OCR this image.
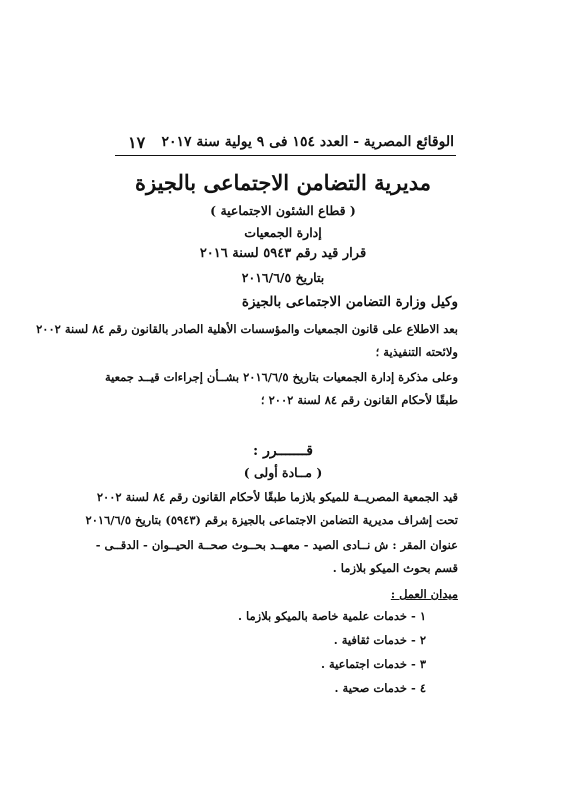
الوقائع المصرية - العدد ١٥٤ فى ٩ يولية سنة ٢٠١٧
١٧
مديرية التضامن الاجتماعى بالجيزة
( قطاع الشئون الاجتماعية )
إدارة الجمعيات
قرار قيد رقم ٥٩٤٣ لسنة ٢٠١٦
بتاريخ ٢٠١٦/٦/٥
وكيل وزارة التضامن الاجتماعى بالجيزة
بعد الاطلاع على قانون الجمعيات والمؤسسات الأهلية الصادر بالقانون رقم ٨٤ لسنة ٢٠٠٢
ولائحته التنفيذية ؛
وعلى مذكرة إدارة الجمعيات بتاريخ ٢٠١٦/٦/٥ بشــأن إجراءات قيــد جمعية
طبقًا لأحكام القانون رقم ٨٤ لسنة ٢٠٠٢ ؛
قـــــــرر :
( مــادة أولى )
قيد الجمعية المصريــة للميكو بلازما طبقًا لأحكام القانون رقم ٨٤ لسنة ٢٠٠٢
تحت إشراف مديرية التضامن الاجتماعى بالجيزة برقم (٥٩٤٣) بتاريخ ٢٠١٦/٦/٥
عنوان المقر : ش نــادى الصيد - معهــد بحــوث صحــة الحيــوان - الدقــى -
قسم بحوث الميكو بلازما .
ميدان العمل :
١ - خدمات علمية خاصة بالميكو بلازما .
٢ - خدمات ثقافية .
٣ - خدمات اجتماعية .
٤ - خدمات صحية .
